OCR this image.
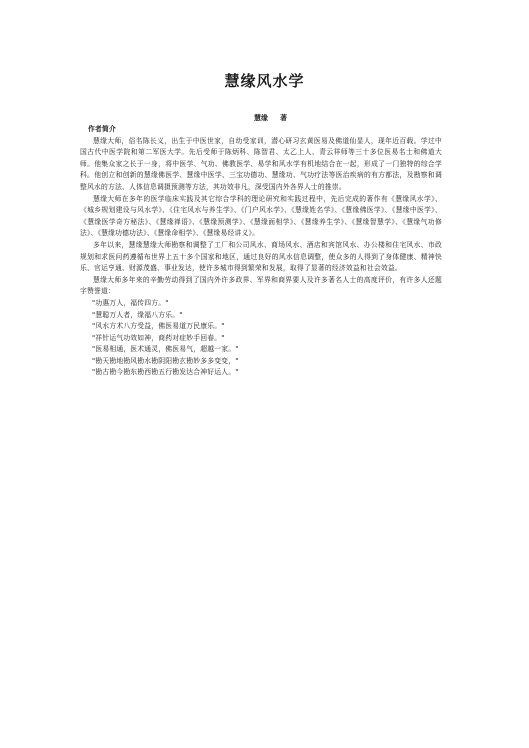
慧缘风水学
慧缘 著

作者简介

慧缘大师，俗名陈长义，出生于中医世家，自幼受家训，潜心研习玄黄医易及佛道仙显人，现年近百载。学过中国古代中医学院和第二军医大学。先后受师于陈炳科、陈智君、太乙上人、青云祥师等三十多位医易名士和佛道大师。他集众家之长于一身，将中医学、气功、佛教医学、易学和风水学有机地结合在一起，形成了一门独特的综合学科。他创立和创新的慧缘佛医学、慧缘中医学、三宝功德功、慧缘功、气功疗法等医治疾病的有方都法，及勘察和调整风水的方法、人体信息调摄预测等方法，其功效非凡，深受国内外各界人士的推崇。

慧缘大师在多年的医学临床实践及其它综合学科的理论研究和实践过程中，先后完成的著作有《慧缘风水学》、《城乡规划建设与风水学》、《住宅风水与养生学》、《门户风水学》、《慧缘姓名学》、《慧缘佛医学》、《慧缘中医学》、《慧缘医学奇方秘法》、《慧缘禅语》、《慧缘预测学》、《慧缘面相学》、《慧缘养生学》、《慧缘智慧学》、《慧缘气功修法》、《慧缘功德功法》、《慧缘命相学》、《慧缘易经讲义》。

多年以来，慧缘慧缘大师勘察和调整了工厂和公司风水、商场风水、酒店和宾馆风水、办公楼和住宅风水、市政规划和求医问药遵循布世界上五十多个国家和地区，通过良好的风水信息调整，使众多的人得到了身体健康、精神快乐、官运亨通、财源茂盛、事业发达，使许多城市得到繁荣和发展，取得了显著的经济效益和社会效益。

慧缘大师多年来的辛勤劳动得到了国内外许多政界、军界和商界要人及许多著名人士的高度评价，有许多人还题字赞誉道：

"功惠万人，福传四方。"

"慧聪万人者，缘福八方乐。"

"风水方术八方受益，佛医易道万民康乐。"

"祥针运气功效如神，商药对症妙手回春。"

"医易相通，医术通灵，佛医易气，超越一家。"

"勘天勘地勘风勘水勘阴阳勘玄勘妙多多变变，"

"勘古勘今勘东勘西勘五行勘发达合神好运人。"
